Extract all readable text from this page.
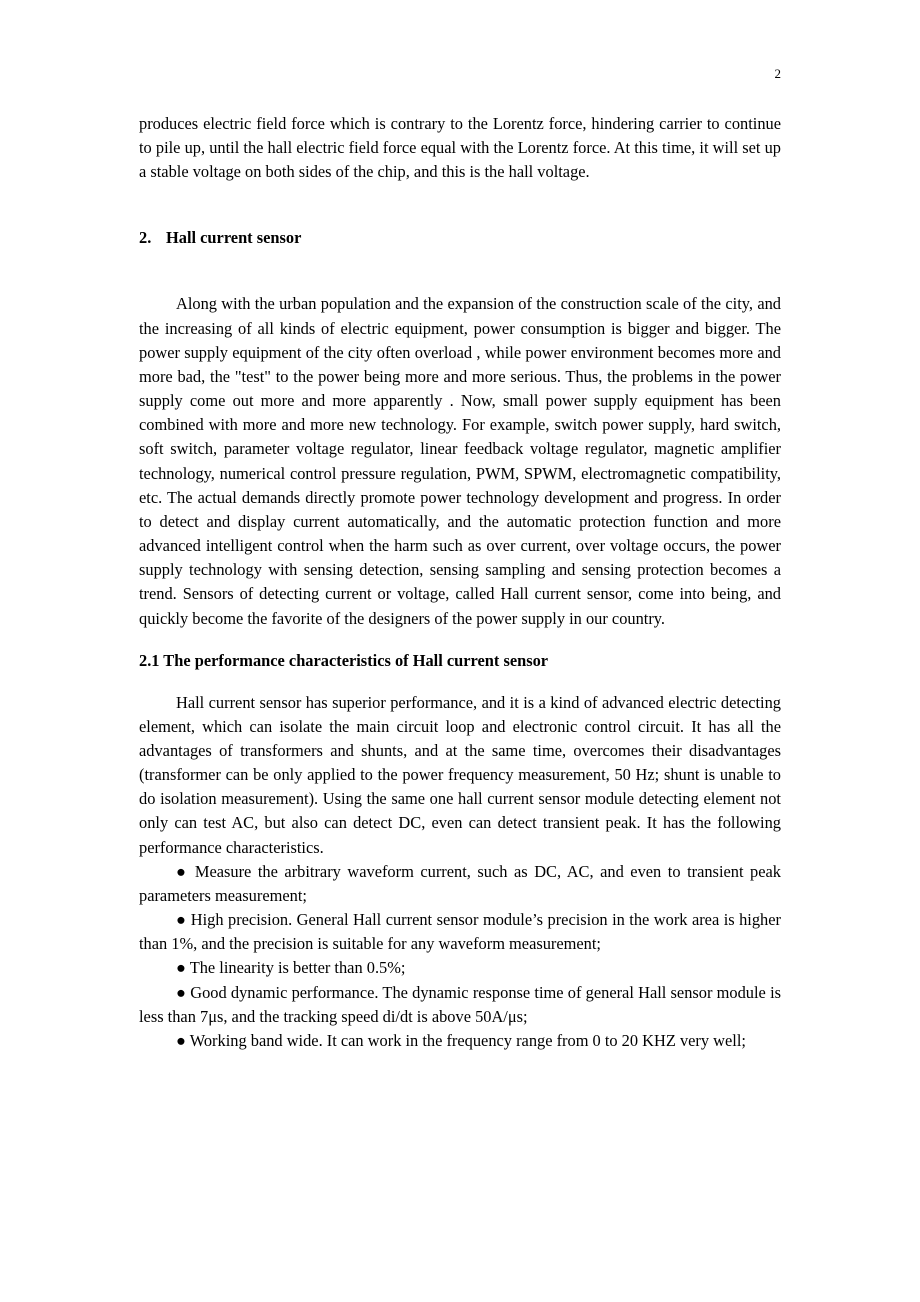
2

produces electric field force which is contrary to the Lorentz force, hindering carrier to continue to pile up, until the hall electric field force equal with the Lorentz force. At this time, it will set up a stable voltage on both sides of the chip, and this is the hall voltage.

2. Hall current sensor

Along with the urban population and the expansion of the construction scale of the city, and the increasing of all kinds of electric equipment, power consumption is bigger and bigger. The power supply equipment of the city often overload , while power environment becomes more and more bad, the "test" to the power being more and more serious. Thus, the problems in the power supply come out more and more apparently . Now, small power supply equipment has been combined with more and more new technology. For example, switch power supply, hard switch, soft switch, parameter voltage regulator, linear feedback voltage regulator, magnetic amplifier technology, numerical control pressure regulation, PWM, SPWM, electromagnetic compatibility, etc. The actual demands directly promote power technology development and progress. In order to detect and display current automatically, and the automatic protection function and more advanced intelligent control when the harm such as over current, over voltage occurs, the power supply technology with sensing detection, sensing sampling and sensing protection becomes a trend. Sensors of detecting current or voltage, called Hall current sensor, come into being, and quickly become the favorite of the designers of the power supply in our country.

2.1 The performance characteristics of Hall current sensor

Hall current sensor has superior performance, and it is a kind of advanced electric detecting element, which can isolate the main circuit loop and electronic control circuit. It has all the advantages of transformers and shunts, and at the same time, overcomes their disadvantages (transformer can be only applied to the power frequency measurement, 50 Hz; shunt is unable to do isolation measurement). Using the same one hall current sensor module detecting element not only can test AC, but also can detect DC, even can detect transient peak. It has the following performance characteristics.

● Measure the arbitrary waveform current, such as DC, AC, and even to transient peak parameters measurement;

● High precision. General Hall current sensor module’s precision in the work area is higher than 1%, and the precision is suitable for any waveform measurement;

● The linearity is better than 0.5%;

● Good dynamic performance. The dynamic response time of general Hall sensor module is less than 7μs, and the tracking speed di/dt is above 50A/μs;

● Working band wide. It can work in the frequency range from 0 to 20 KHZ very well;
